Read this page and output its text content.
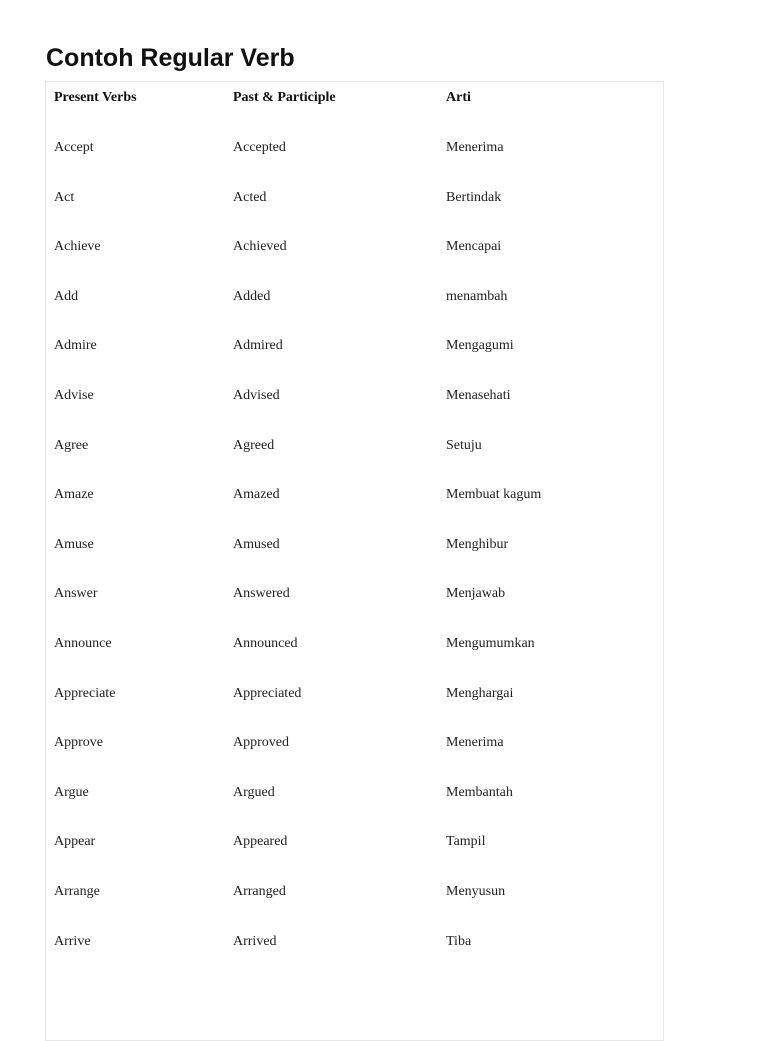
Contoh Regular Verb
Present Verbs	Past & Participle	Arti
Accept	Accepted	Menerima
Act	Acted	Bertindak
Achieve	Achieved	Mencapai
Add	Added	menambah
Admire	Admired	Mengagumi
Advise	Advised	Menasehati
Agree	Agreed	Setuju
Amaze	Amazed	Membuat kagum
Amuse	Amused	Menghibur
Answer	Answered	Menjawab
Announce	Announced	Mengumumkan
Appreciate	Appreciated	Menghargai
Approve	Approved	Menerima
Argue	Argued	Membantah
Appear	Appeared	Tampil
Arrange	Arranged	Menyusun
Arrive	Arrived	Tiba
